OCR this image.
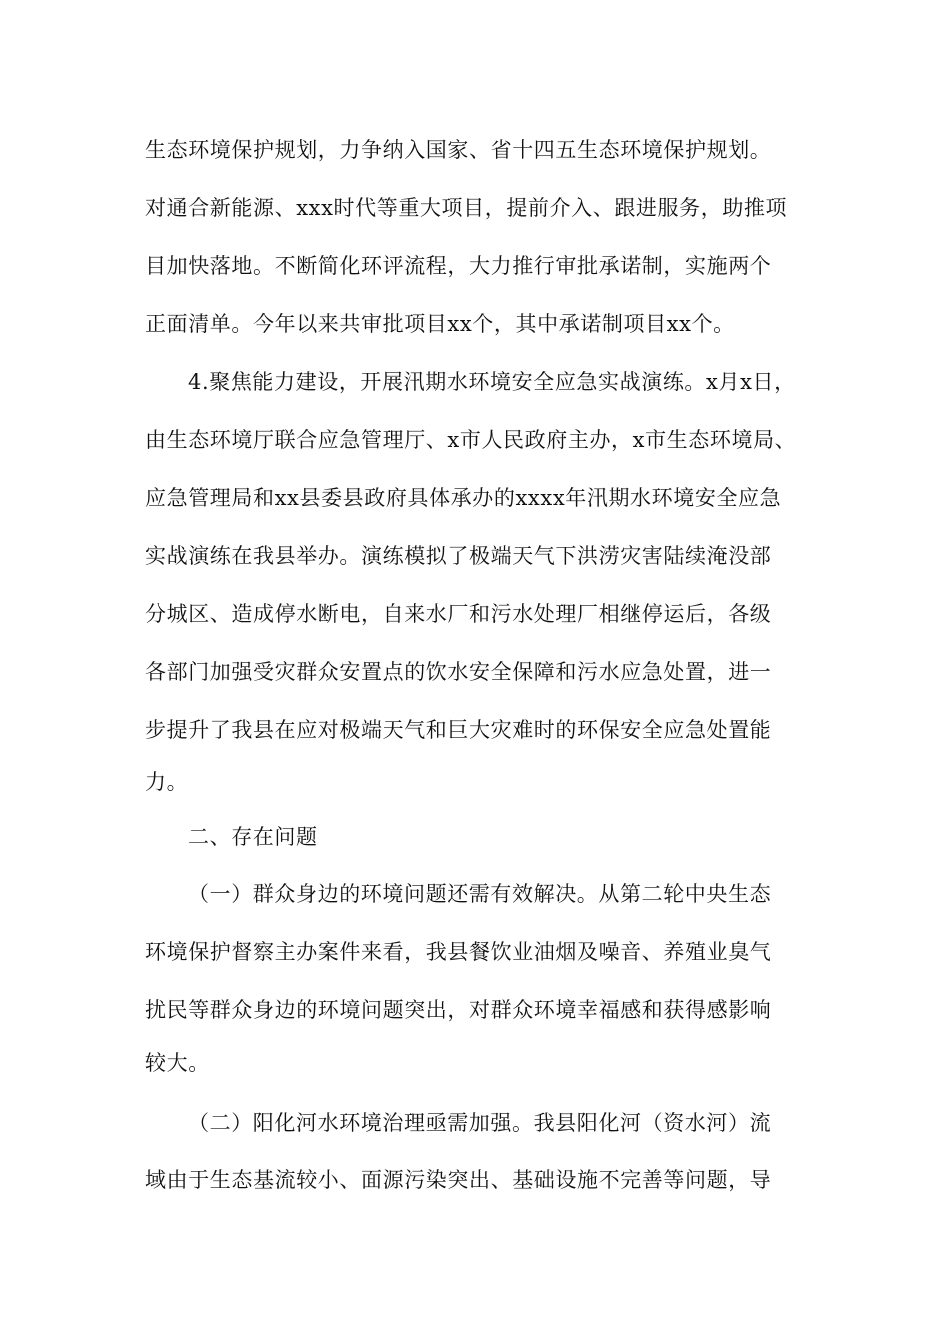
生态环境保护规划，力争纳入国家、省十四五生态环境保护规划。
对通合新能源、xxx时代等重大项目，提前介入、跟进服务，助推项
目加快落地。不断简化环评流程，大力推行审批承诺制，实施两个
正面清单。今年以来共审批项目xx个，其中承诺制项目xx个。
4.聚焦能力建设，开展汛期水环境安全应急实战演练。x月x日，
由生态环境厅联合应急管理厅、x市人民政府主办，x市生态环境局、
应急管理局和xx县委县政府具体承办的xxxx年汛期水环境安全应急
实战演练在我县举办。演练模拟了极端天气下洪涝灾害陆续淹没部
分城区、造成停水断电，自来水厂和污水处理厂相继停运后，各级
各部门加强受灾群众安置点的饮水安全保障和污水应急处置，进一
步提升了我县在应对极端天气和巨大灾难时的环保安全应急处置能
力。
二、存在问题
（一）群众身边的环境问题还需有效解决。从第二轮中央生态
环境保护督察主办案件来看，我县餐饮业油烟及噪音、养殖业臭气
扰民等群众身边的环境问题突出，对群众环境幸福感和获得感影响
较大。
（二）阳化河水环境治理亟需加强。我县阳化河（资水河）流
域由于生态基流较小、面源污染突出、基础设施不完善等问题，导
